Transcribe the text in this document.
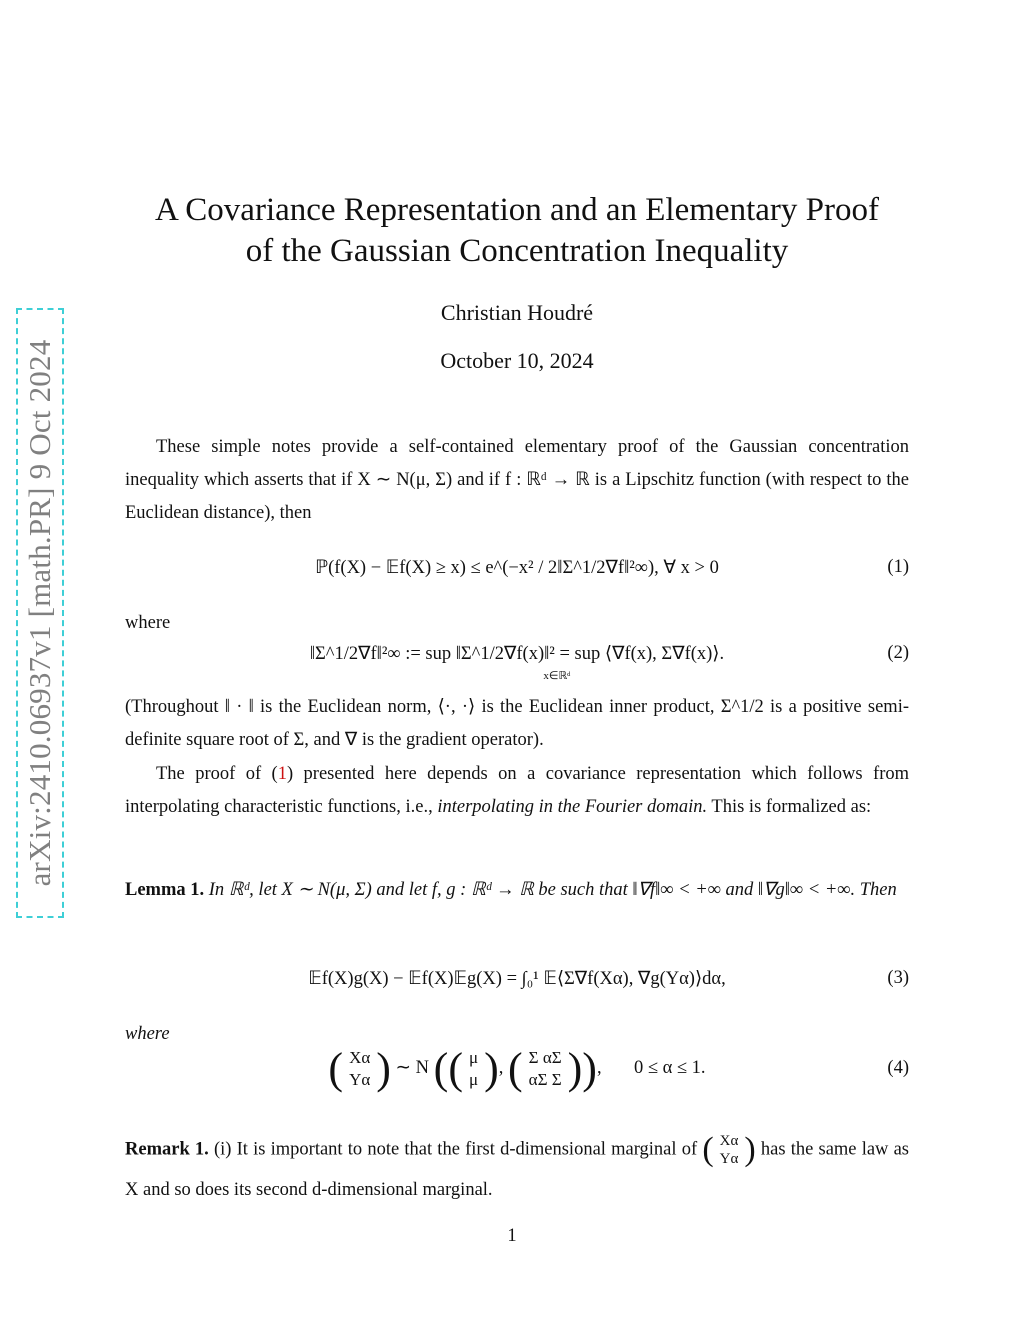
arXiv:2410.06937v1 [math.PR] 9 Oct 2024
A Covariance Representation and an Elementary Proof
of the Gaussian Concentration Inequality
Christian Houdré
October 10, 2024
These simple notes provide a self-contained elementary proof of the Gaussian concentration inequality which asserts that if X ∼ N(μ, Σ) and if f : ℝᵈ → ℝ is a Lipschitz function (with respect to the Euclidean distance), then
ℙ(f(X) − 𝔼f(X) ≥ x) ≤ e^(−x² / 2‖Σ^1/2∇f‖²∞), ∀ x > 0	(1)
where
‖Σ^1/2∇f‖²∞ := sup ‖Σ^1/2∇f(x)‖² = sup ⟨∇f(x), Σ∇f(x)⟩.
x∈ℝᵈ
(2)
(Throughout ‖ · ‖ is the Euclidean norm, ⟨·, ·⟩ is the Euclidean inner product, Σ^1/2 is a positive semi-definite square root of Σ, and ∇ is the gradient operator).
The proof of (1) presented here depends on a covariance representation which follows from interpolating characteristic functions, i.e., interpolating in the Fourier domain. This is formalized as:
Lemma 1. In ℝᵈ, let X ∼ N(μ, Σ) and let f, g : ℝᵈ → ℝ be such that ‖∇f‖∞ < +∞ and ‖∇g‖∞ < +∞. Then
𝔼f(X)g(X) − 𝔼f(X)𝔼g(X) = ∫₀¹ 𝔼⟨Σ∇f(Xα), ∇g(Yα)⟩dα,	(3)
where
( Xα
Yα ) ∼ N (( μ
μ ), ( Σ αΣ
αΣ Σ )),       0 ≤ α ≤ 1.	(4)
Remark 1. (i) It is important to note that the first d-dimensional marginal of ( Xα
Yα ) has the same law as X and so does its second d-dimensional marginal.
1
